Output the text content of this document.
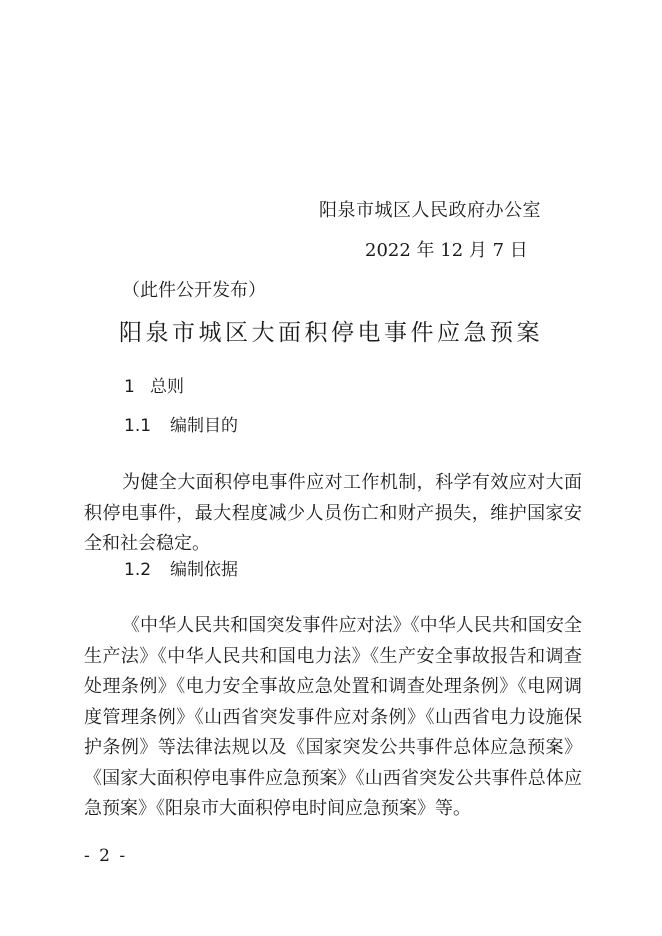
阳泉市城区人民政府办公室
2022 年 12 月 7 日
（此件公开发布）
阳泉市城区大面积停电事件应急预案
1 总则
1.1 编制目的

为健全大面积停电事件应对工作机制，科学有效应对大面积停电事件，最大程度减少人员伤亡和财产损失，维护国家安全和社会稳定。

1.2 编制依据

《中华人民共和国突发事件应对法》《中华人民共和国安全生产法》《中华人民共和国电力法》《生产安全事故报告和调查处理条例》《电力安全事故应急处置和调查处理条例》《电网调度管理条例》《山西省突发事件应对条例》《山西省电力设施保护条例》等法律法规以及《国家突发公共事件总体应急预案》《国家大面积停电事件应急预案》《山西省突发公共事件总体应急预案》《阳泉市大面积停电时间应急预案》等。

- 2 -
